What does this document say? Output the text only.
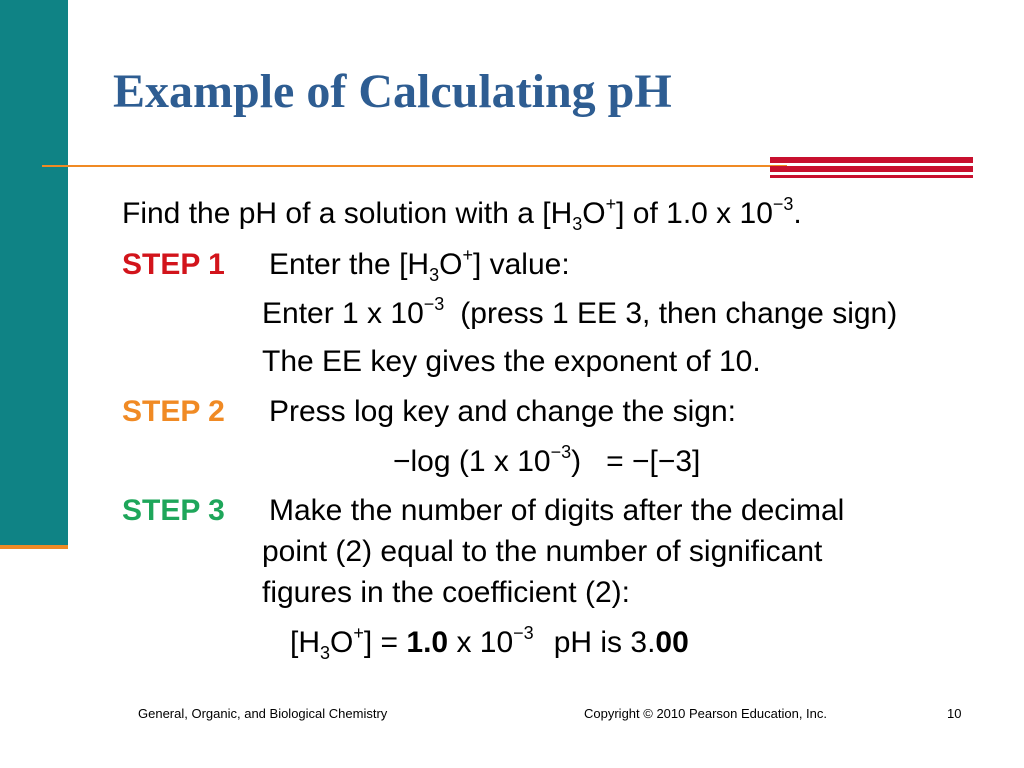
Example of Calculating pH
Find the pH of a solution with a $[H_3O^+]$ of 1.0 x $10^{-3}$.
STEP 1 Enter the $[H_3O^+]$ value:
Enter 1 x $10^{-3}$ (press 1 EE 3, then change sign)
The EE key gives the exponent of 10.
STEP 2 Press log key and change the sign:
−log (1 x $10^{-3}) = -[-3]$
STEP 3 Make the number of digits after the decimal
point (2) equal to the number of significant
figures in the coefficient (2):
$[H_3O^+] = 1.0$ x $10^{-3}$ pH is 3.00
General, Organic, and Biological Chemistry	Copyright © 2010 Pearson Education, Inc.	10
